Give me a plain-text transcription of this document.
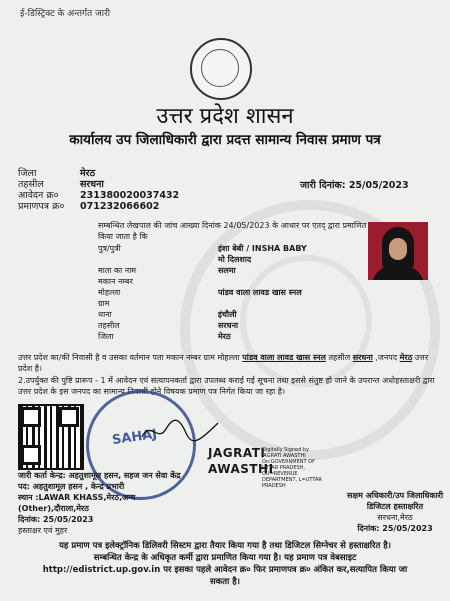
ई-डिस्ट्रिक्ट के अन्तर्गत जारी
उत्तर प्रदेश शासन
कार्यालय उप जिलाधिकारी द्वारा प्रदत्त सामान्य निवास प्रमाण पत्र
जिला	मेरठ
तहसील	सरधना
आवेदन क्र० 231380020037432
प्रमाणपत्र क्र० 071232066602
जारी दिनांक: 25/05/2023
सम्बन्धित लेखपाल की जांच आख्या दिनांक 24/05/2023 के आधार पर एतद् द्वारा प्रमाणित किया जाता है कि
पुत्र/पुत्री	इंशा बेबी / INSHA BABY
मो दिलशाद
माता का नाम	सलमा
मकान नम्बर
मोहल्ला	पांडव वाला लावड खास स्नल
ग्राम
थाना	इंचौली
तहसील	सरधना
जिला	मेरठ
उत्तर प्रदेश का/की निवासी है व उसका वर्तमान पता मकान नम्बर ग्राम मोहल्ला पांडव वाला लावड खास स्नल तहसील सरधना ,जनपद मेरठ उत्तर प्रदेश है।
2.उपर्युक्त की पुष्टि प्रारूप - 1 में आवेदन एवं सत्यापनकर्ता द्वारा उपलब्ध कराई गई सूचना तथा इससे संतुष्ट हो जाने के उपरान्त अधोहस्ताक्षरी द्वारा उत्तर प्रदेश के इस जनपद का सामान्य निवासी होने विषयक प्रमाण पत्र निर्गत किया जा रहा है।
SAHAJ
जारी कर्ता केन्द्र: अहतुशामूल हसन, सहज जन सेवा केंद्र
पद: अहतुशामूल हसन , केन्द्र प्रभारी
स्थान :LAWAR KHASS,मेरठ,अन्य
(Other),दौराला,मेरठ
दिनांक: 25/05/2023
हस्ताक्षर एवं मुहर
JAGRATI
AWASTHI
Digitally Signed by JAGRATI AWASTHI On:GOVERNMENT OF UTTAR PRADESH, OU=REVENUE DEPARTMENT, L=UTTAR PRADESH
सक्षम अधिकारी/उप जिलाधिकारी
डिजिटल हस्ताक्षरित
सरधना,मेरठ
दिनांक: 25/05/2023
यह प्रमाण पत्र इलेक्ट्रॉनिक डिलिवरी सिस्टम द्वारा तैयार किया गया है तथा डिजिटल सिग्नेचर से हस्ताक्षरित है।
सम्बन्धित केन्द्र के अधिकृत कर्मी द्वारा प्रमाणित किया गया है। यह प्रमाण पत्र वेबसाइट
http://edistrict.up.gov.in पर इसका पहले आवेदन क्र० फिर प्रमाणपत्र क्र० अंकित कर,सत्यापित किया जा
सकता है।
